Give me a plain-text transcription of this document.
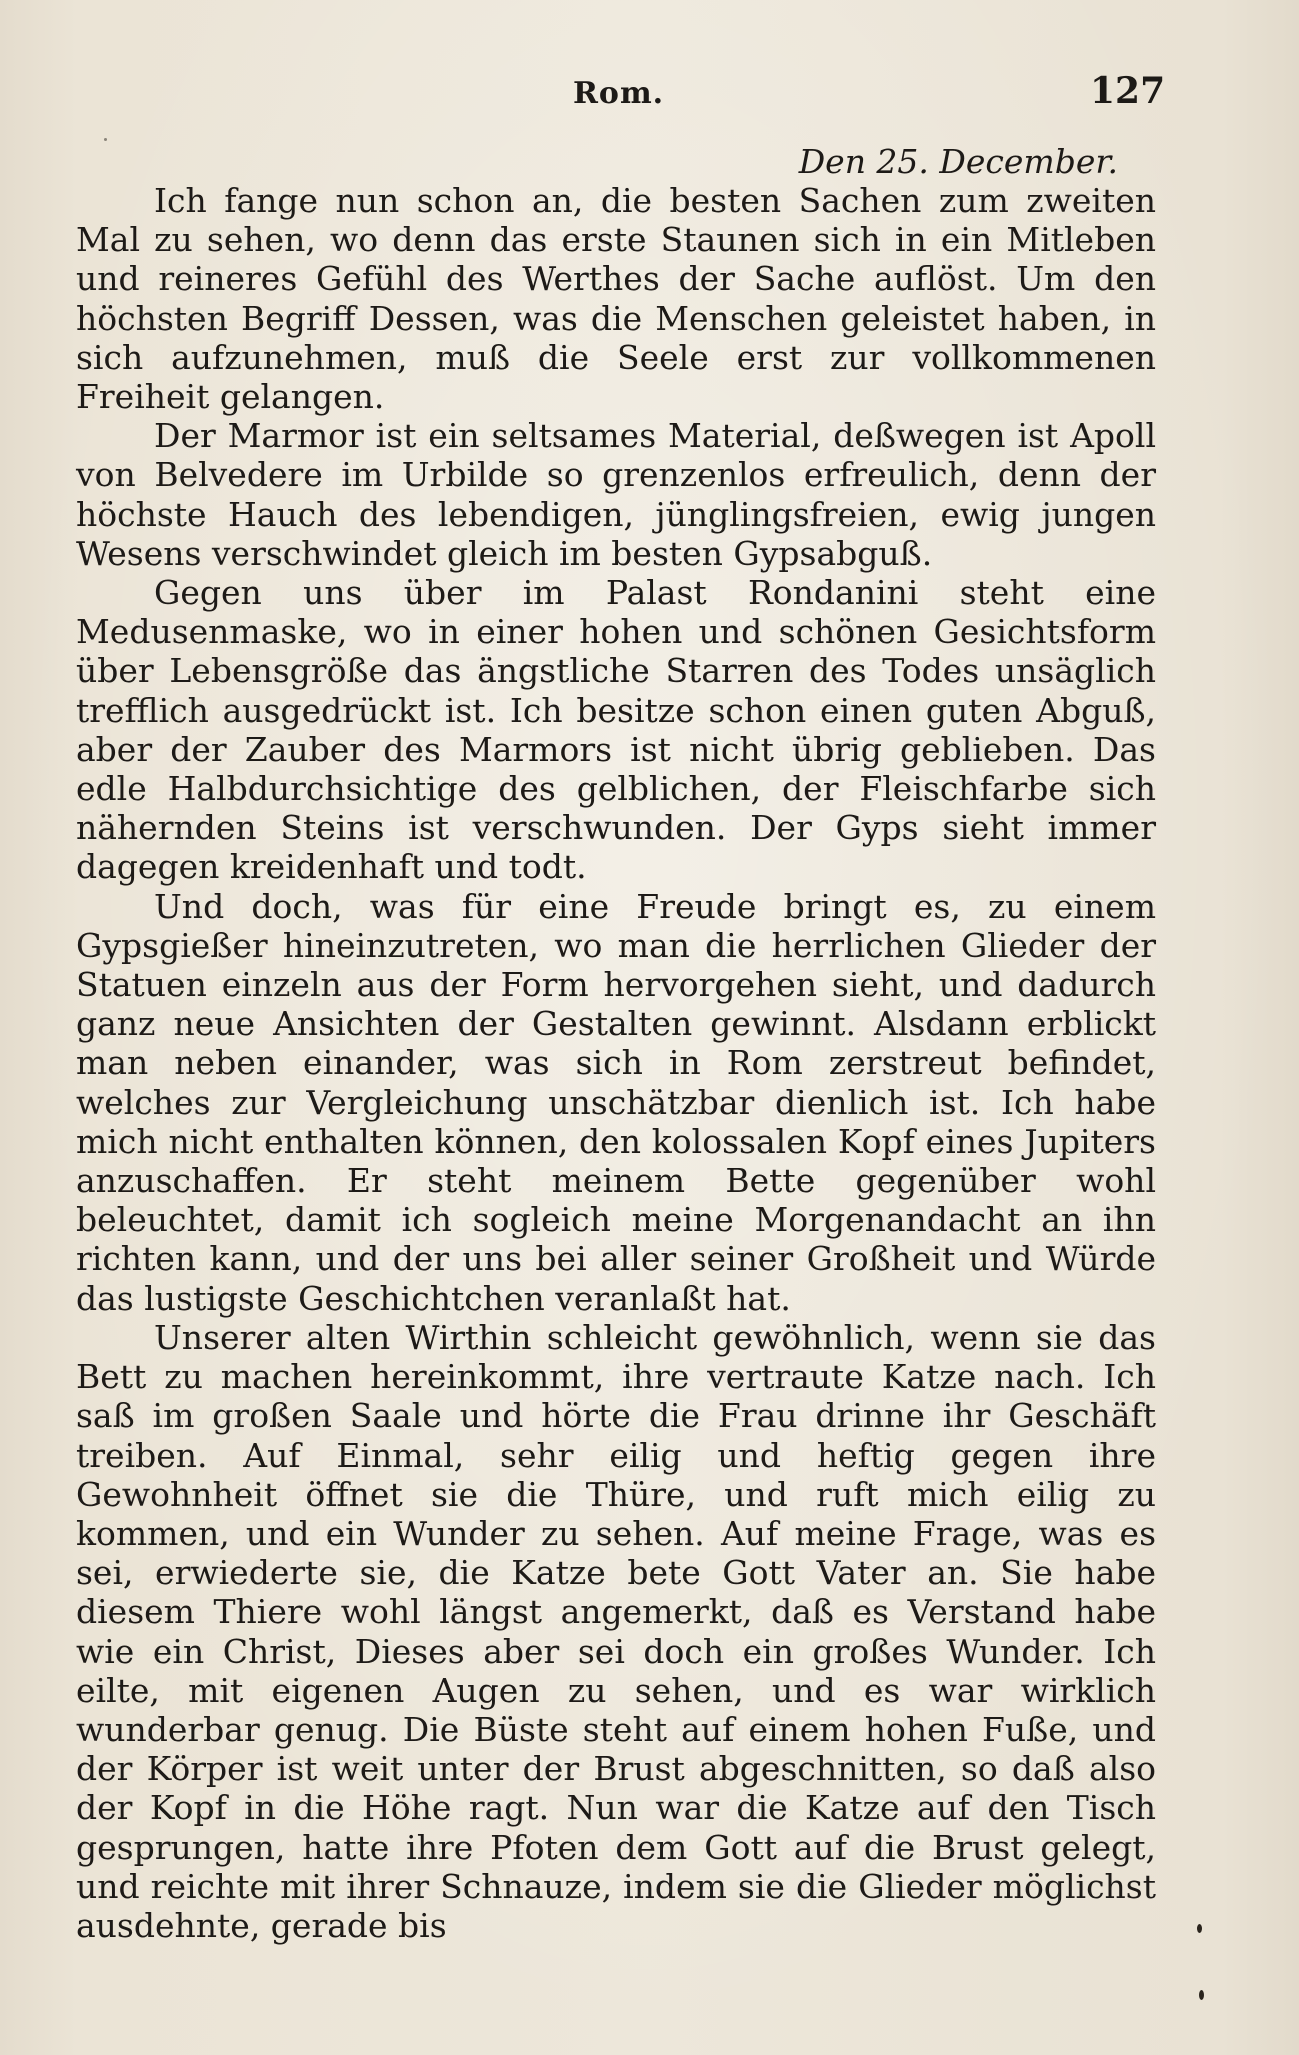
Rom.	127
Den 25. December.

Ich fange nun schon an, die besten Sachen zum zweiten Mal zu sehen, wo denn das erste Staunen sich in ein Mitleben und reineres Gefühl des Werthes der Sache auflöst. Um den höchsten Begriff Dessen, was die Menschen geleistet haben, in sich aufzunehmen, muß die Seele erst zur vollkommenen Freiheit gelangen.

Der Marmor ist ein seltsames Material, deßwegen ist Apoll von Belvedere im Urbilde so grenzenlos erfreulich, denn der höchste Hauch des lebendigen, jünglingsfreien, ewig jungen Wesens verschwindet gleich im besten Gypsabguß.

Gegen uns über im Palast Rondanini steht eine Medusenmaske, wo in einer hohen und schönen Gesichtsform über Lebensgröße das ängstliche Starren des Todes unsäglich trefflich ausgedrückt ist. Ich besitze schon einen guten Abguß, aber der Zauber des Marmors ist nicht übrig geblieben. Das edle Halbdurchsichtige des gelblichen, der Fleischfarbe sich nähernden Steins ist verschwunden. Der Gyps sieht immer dagegen kreidenhaft und todt.

Und doch, was für eine Freude bringt es, zu einem Gypsgießer hineinzutreten, wo man die herrlichen Glieder der Statuen einzeln aus der Form hervorgehen sieht, und dadurch ganz neue Ansichten der Gestalten gewinnt. Alsdann erblickt man neben einander, was sich in Rom zerstreut befindet, welches zur Vergleichung unschätzbar dienlich ist. Ich habe mich nicht enthalten können, den kolossalen Kopf eines Jupiters anzuschaffen. Er steht meinem Bette gegenüber wohl beleuchtet, damit ich sogleich meine Morgenandacht an ihn richten kann, und der uns bei aller seiner Großheit und Würde das lustigste Geschichtchen veranlaßt hat.

Unserer alten Wirthin schleicht gewöhnlich, wenn sie das Bett zu machen hereinkommt, ihre vertraute Katze nach. Ich saß im großen Saale und hörte die Frau drinne ihr Geschäft treiben. Auf Einmal, sehr eilig und heftig gegen ihre Gewohnheit öffnet sie die Thüre, und ruft mich eilig zu kommen, und ein Wunder zu sehen. Auf meine Frage, was es sei, erwiederte sie, die Katze bete Gott Vater an. Sie habe diesem Thiere wohl längst angemerkt, daß es Verstand habe wie ein Christ, Dieses aber sei doch ein großes Wunder. Ich eilte, mit eigenen Augen zu sehen, und es war wirklich wunderbar genug. Die Büste steht auf einem hohen Fuße, und der Körper ist weit unter der Brust abgeschnitten, so daß also der Kopf in die Höhe ragt. Nun war die Katze auf den Tisch gesprungen, hatte ihre Pfoten dem Gott auf die Brust gelegt, und reichte mit ihrer Schnauze, indem sie die Glieder möglichst ausdehnte, gerade bis
